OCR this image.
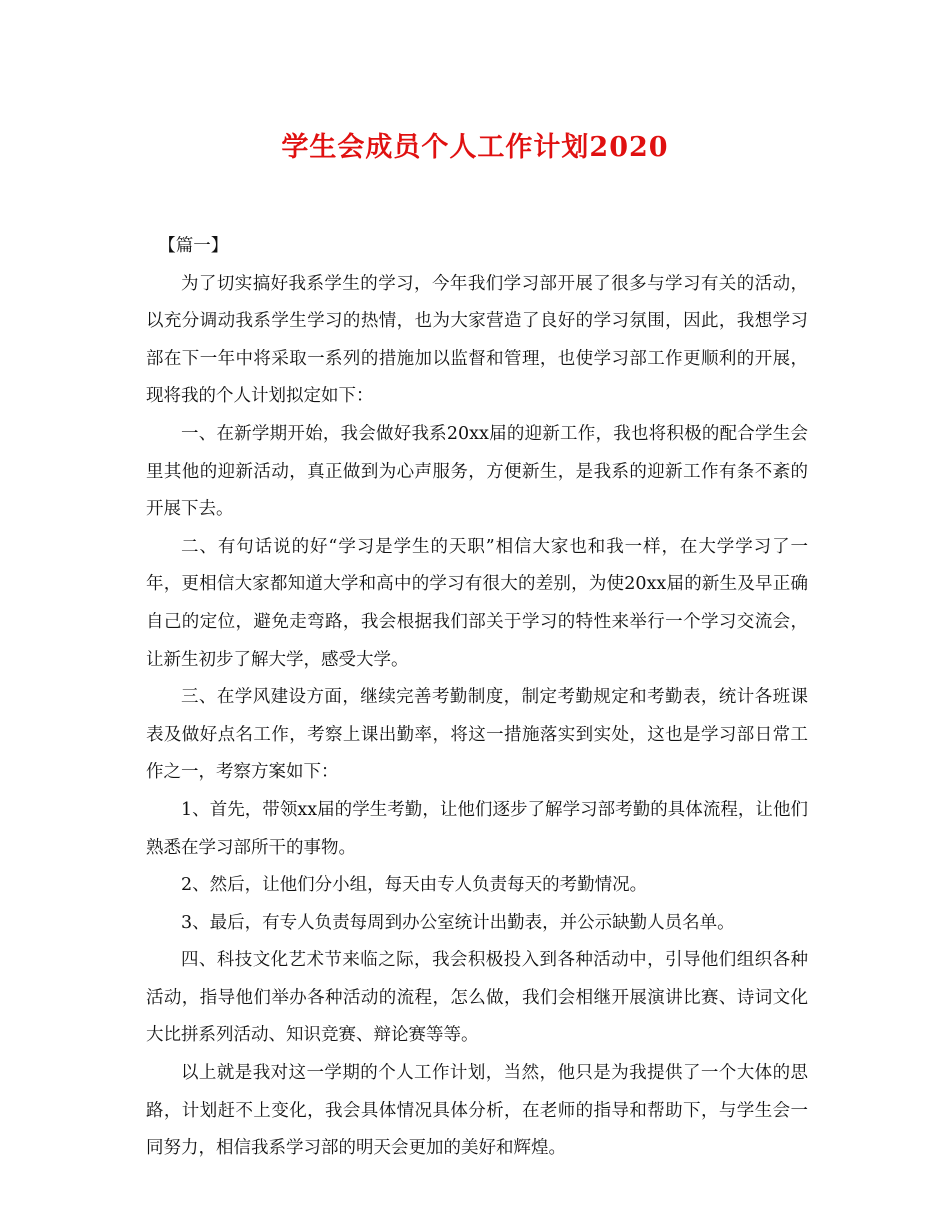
学生会成员个人工作计划2020

【篇一】

为了切实搞好我系学生的学习，今年我们学习部开展了很多与学习有关的活动，以充分调动我系学生学习的热情，也为大家营造了良好的学习氛围，因此，我想学习部在下一年中将采取一系列的措施加以监督和管理，也使学习部工作更顺利的开展，现将我的个人计划拟定如下：

一、在新学期开始，我会做好我系20xx届的迎新工作，我也将积极的配合学生会里其他的迎新活动，真正做到为心声服务，方便新生，是我系的迎新工作有条不紊的开展下去。

二、有句话说的好“学习是学生的天职”相信大家也和我一样，在大学学习了一年，更相信大家都知道大学和高中的学习有很大的差别，为使20xx届的新生及早正确自己的定位，避免走弯路，我会根据我们部关于学习的特性来举行一个学习交流会，让新生初步了解大学，感受大学。

三、在学风建设方面，继续完善考勤制度，制定考勤规定和考勤表，统计各班课表及做好点名工作，考察上课出勤率，将这一措施落实到实处，这也是学习部日常工作之一，考察方案如下：

1、首先，带领xx届的学生考勤，让他们逐步了解学习部考勤的具体流程，让他们熟悉在学习部所干的事物。

2、然后，让他们分小组，每天由专人负责每天的考勤情况。

3、最后，有专人负责每周到办公室统计出勤表，并公示缺勤人员名单。

四、科技文化艺术节来临之际，我会积极投入到各种活动中，引导他们组织各种活动，指导他们举办各种活动的流程，怎么做，我们会相继开展演讲比赛、诗词文化大比拼系列活动、知识竞赛、辩论赛等等。

以上就是我对这一学期的个人工作计划，当然，他只是为我提供了一个大体的思路，计划赶不上变化，我会具体情况具体分析，在老师的指导和帮助下，与学生会一同努力，相信我系学习部的明天会更加的美好和辉煌。
